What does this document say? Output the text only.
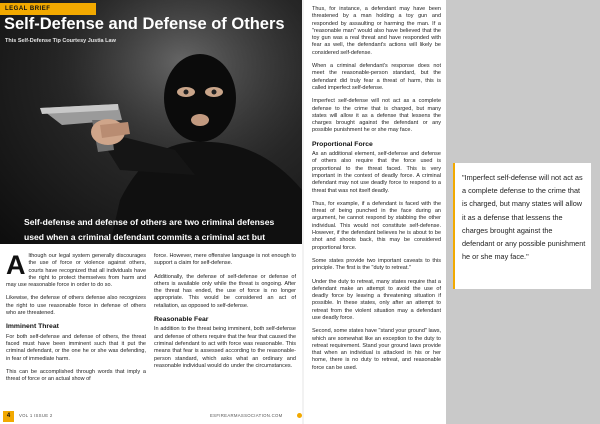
LEGAL BRIEF
Self-Defense and Defense of Others
This Self-Defense Tip Courtesy Justia Law
Self-defense and defense of others are two criminal defenses used when a criminal defendant commits a criminal act but

Although our legal system generally discourages the use of force or violence against others, courts have recognized that all individuals have the right to protect themselves from harm and may use reasonable force in order to do so.

Likewise, the defense of others defense also recognizes the right to use reasonable force in defense of others who are threatened.

Imminent Threat

For both self-defense and defense of others, the threat faced must have been imminent such that it put the criminal defendant, or the one he or she was defending, in fear of immediate harm.

This can be accomplished through words that imply a threat of force or an actual show of

force. However, mere offensive language is not enough to support a claim for self-defense.

Additionally, the defense of self-defense or defense of others is available only while the threat is ongoing. After the threat has ended, the use of force is no longer appropriate. This would be considered an act of retaliation, as opposed to self-defense.

Reasonable Fear

In addition to the threat being imminent, both self-defense and defense of others require that the fear that caused the criminal defendant to act with force was reasonable. This means that fear is assessed according to the reasonable-person standard, which asks what an ordinary and reasonable individual would do under the circumstances.

Thus, for instance, a defendant may have been threatened by a man holding a toy gun and responded by assaulting or harming the man. If a "reasonable man" would also have believed that the toy gun was a real threat and have responded with fear as well, the defendant's actions will likely be considered self-defense.

When a criminal defendant's response does not meet the reasonable-person standard, but the defendant did truly fear a threat of harm, this is called imperfect self-defense.

Imperfect self-defense will not act as a complete defense to the crime that is charged, but many states will allow it as a defense that lessens the charges brought against the defendant or any possible punishment he or she may face.

Proportional Force

As an additional element, self-defense and defense of others also require that the force used is proportional to the threat faced. This is very important in the context of deadly force. A criminal defendant may not use deadly force to respond to a threat that was not itself deadly.

Thus, for example, if a defendant is faced with the threat of being punched in the face during an argument, he cannot respond by stabbing the other individual. This would not constitute self-defense. However, if the defendant believes he is about to be shot and shoots back, this may be considered proportional force.

Some states provide two important caveats to this principle. The first is the "duty to retreat."

Under the duty to retreat, many states require that a defendant make an attempt to avoid the use of deadly force by leaving a threatening situation if possible. In these states, only after an attempt to retreat from the violent situation may a defendant use deadly force.

Second, some states have "stand your ground" laws, which are somewhat like an exception to the duty to retreat requirement. Stand your ground laws provide that when an individual is attacked in his or her home, there is no duty to retreat, and reasonable force can be used.

"Imperfect self-defense will not act as a complete defense to the crime that is charged, but many states will allow it as a defense that lessens the charges brought against the defendant or any possible punishment he or she may face."
4	VOL 1 ISSUE 2	ESFIREARMASSOCIATION.COM
